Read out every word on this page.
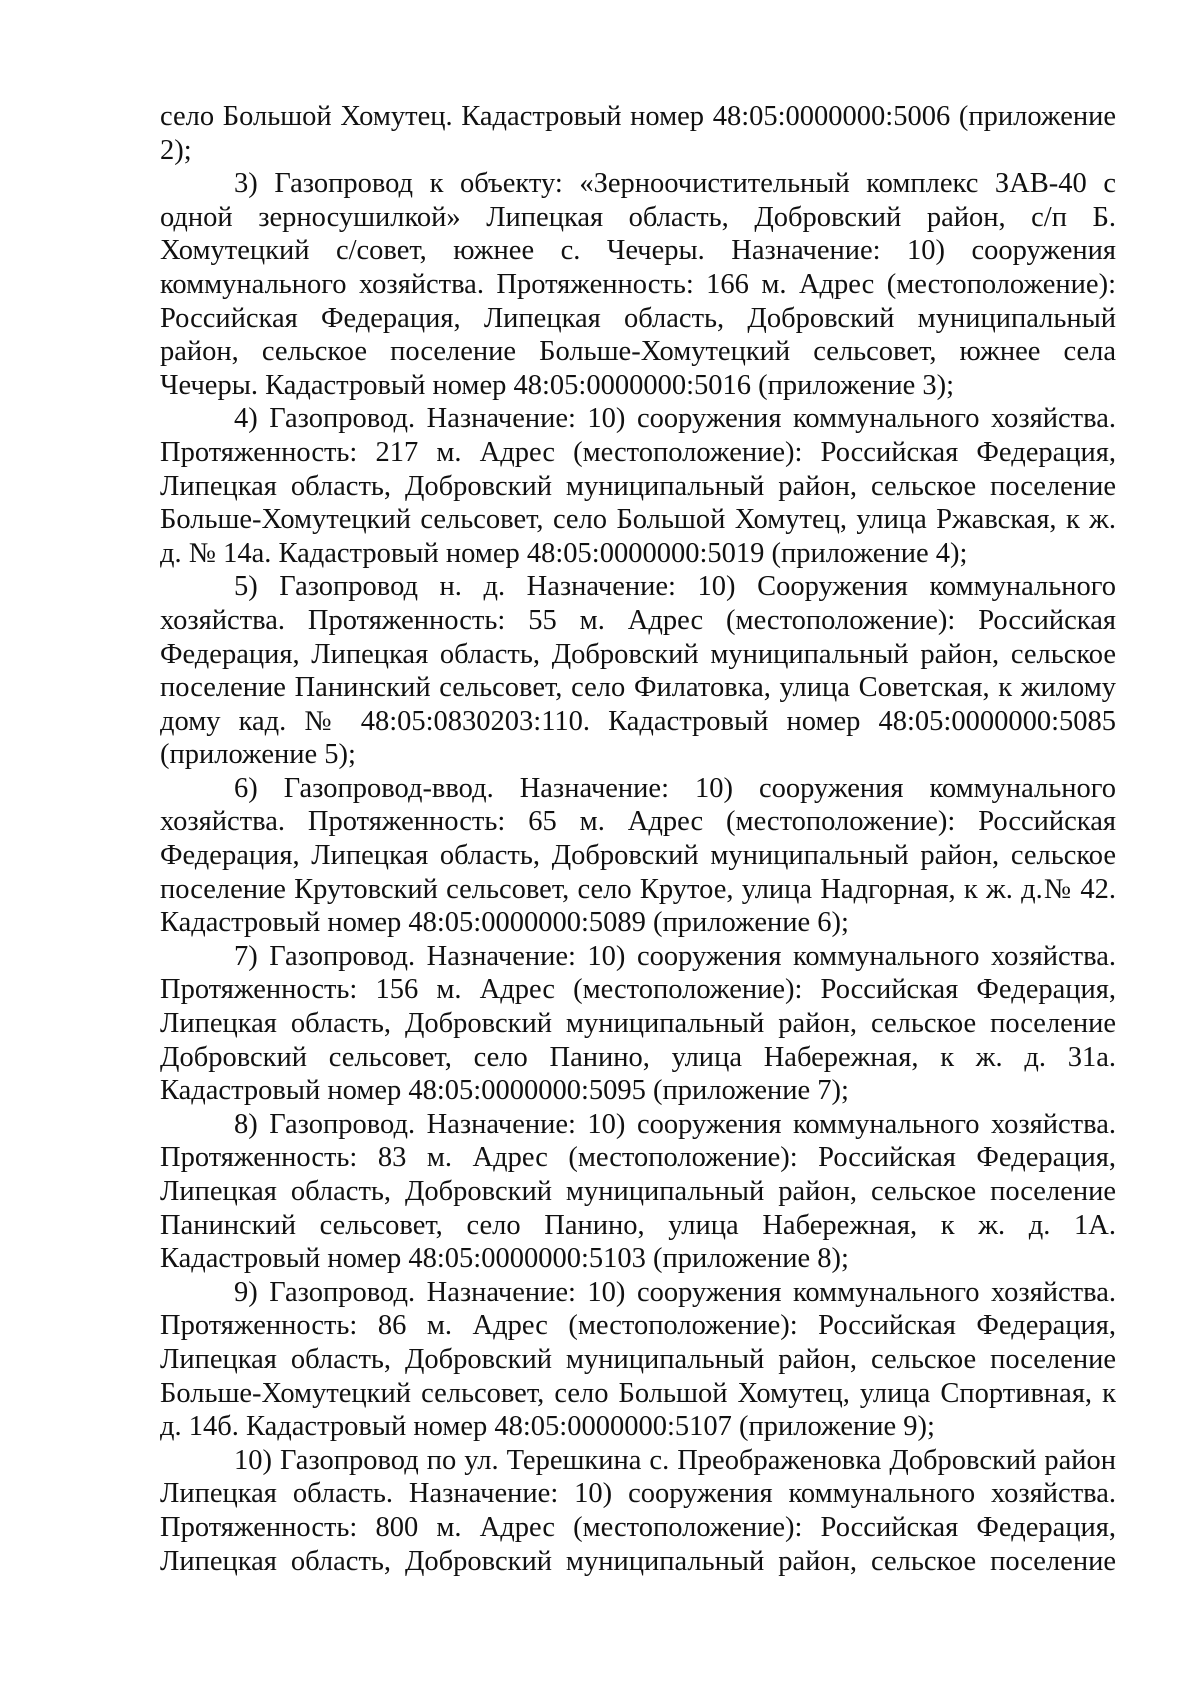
село Большой Хомутец. Кадастровый номер 48:05:0000000:5006 (приложение 2);

3) Газопровод к объекту: «Зерноочистительный комплекс ЗАВ-40 с одной зерносушилкой» Липецкая область, Добровский район, с/п Б. Хомутецкий с/совет, южнее с. Чечеры. Назначение: 10) сооружения коммунального хозяйства. Протяженность: 166 м. Адрес (местоположение): Российская Федерация, Липецкая область, Добровский муниципальный район, сельское поселение Больше-Хомутецкий сельсовет, южнее села Чечеры. Кадастровый номер 48:05:0000000:5016 (приложение 3);

4) Газопровод. Назначение: 10) сооружения коммунального хозяйства. Протяженность: 217 м. Адрес (местоположение): Российская Федерация, Липецкая область, Добровский муниципальный район, сельское поселение Больше-Хомутецкий сельсовет, село Большой Хомутец, улица Ржавская, к ж. д. № 14а. Кадастровый номер 48:05:0000000:5019 (приложение 4);

5) Газопровод н. д. Назначение: 10) Сооружения коммунального хозяйства. Протяженность: 55 м. Адрес (местоположение): Российская Федерация, Липецкая область, Добровский муниципальный район, сельское поселение Панинский сельсовет, село Филатовка, улица Советская, к жилому дому кад. № 48:05:0830203:110. Кадастровый номер 48:05:0000000:5085 (приложение 5);

6) Газопровод-ввод. Назначение: 10) сооружения коммунального хозяйства. Протяженность: 65 м. Адрес (местоположение): Российская Федерация, Липецкая область, Добровский муниципальный район, сельское поселение Крутовский сельсовет, село Крутое, улица Надгорная, к ж. д.№ 42. Кадастровый номер 48:05:0000000:5089 (приложение 6);

7) Газопровод. Назначение: 10) сооружения коммунального хозяйства. Протяженность: 156 м. Адрес (местоположение): Российская Федерация, Липецкая область, Добровский муниципальный район, сельское поселение Добровский сельсовет, село Панино, улица Набережная, к ж. д. 31а. Кадастровый номер 48:05:0000000:5095 (приложение 7);

8) Газопровод. Назначение: 10) сооружения коммунального хозяйства. Протяженность: 83 м. Адрес (местоположение): Российская Федерация, Липецкая область, Добровский муниципальный район, сельское поселение Панинский сельсовет, село Панино, улица Набережная, к ж. д. 1А. Кадастровый номер 48:05:0000000:5103 (приложение 8);

9) Газопровод. Назначение: 10) сооружения коммунального хозяйства. Протяженность: 86 м. Адрес (местоположение): Российская Федерация, Липецкая область, Добровский муниципальный район, сельское поселение Больше-Хомутецкий сельсовет, село Большой Хомутец, улица Спортивная, к д. 14б. Кадастровый номер 48:05:0000000:5107 (приложение 9);

10) Газопровод по ул. Терешкина с. Преображеновка Добровский район Липецкая область. Назначение: 10) сооружения коммунального хозяйства. Протяженность: 800 м. Адрес (местоположение): Российская Федерация, Липецкая область, Добровский муниципальный район, сельское поселение
